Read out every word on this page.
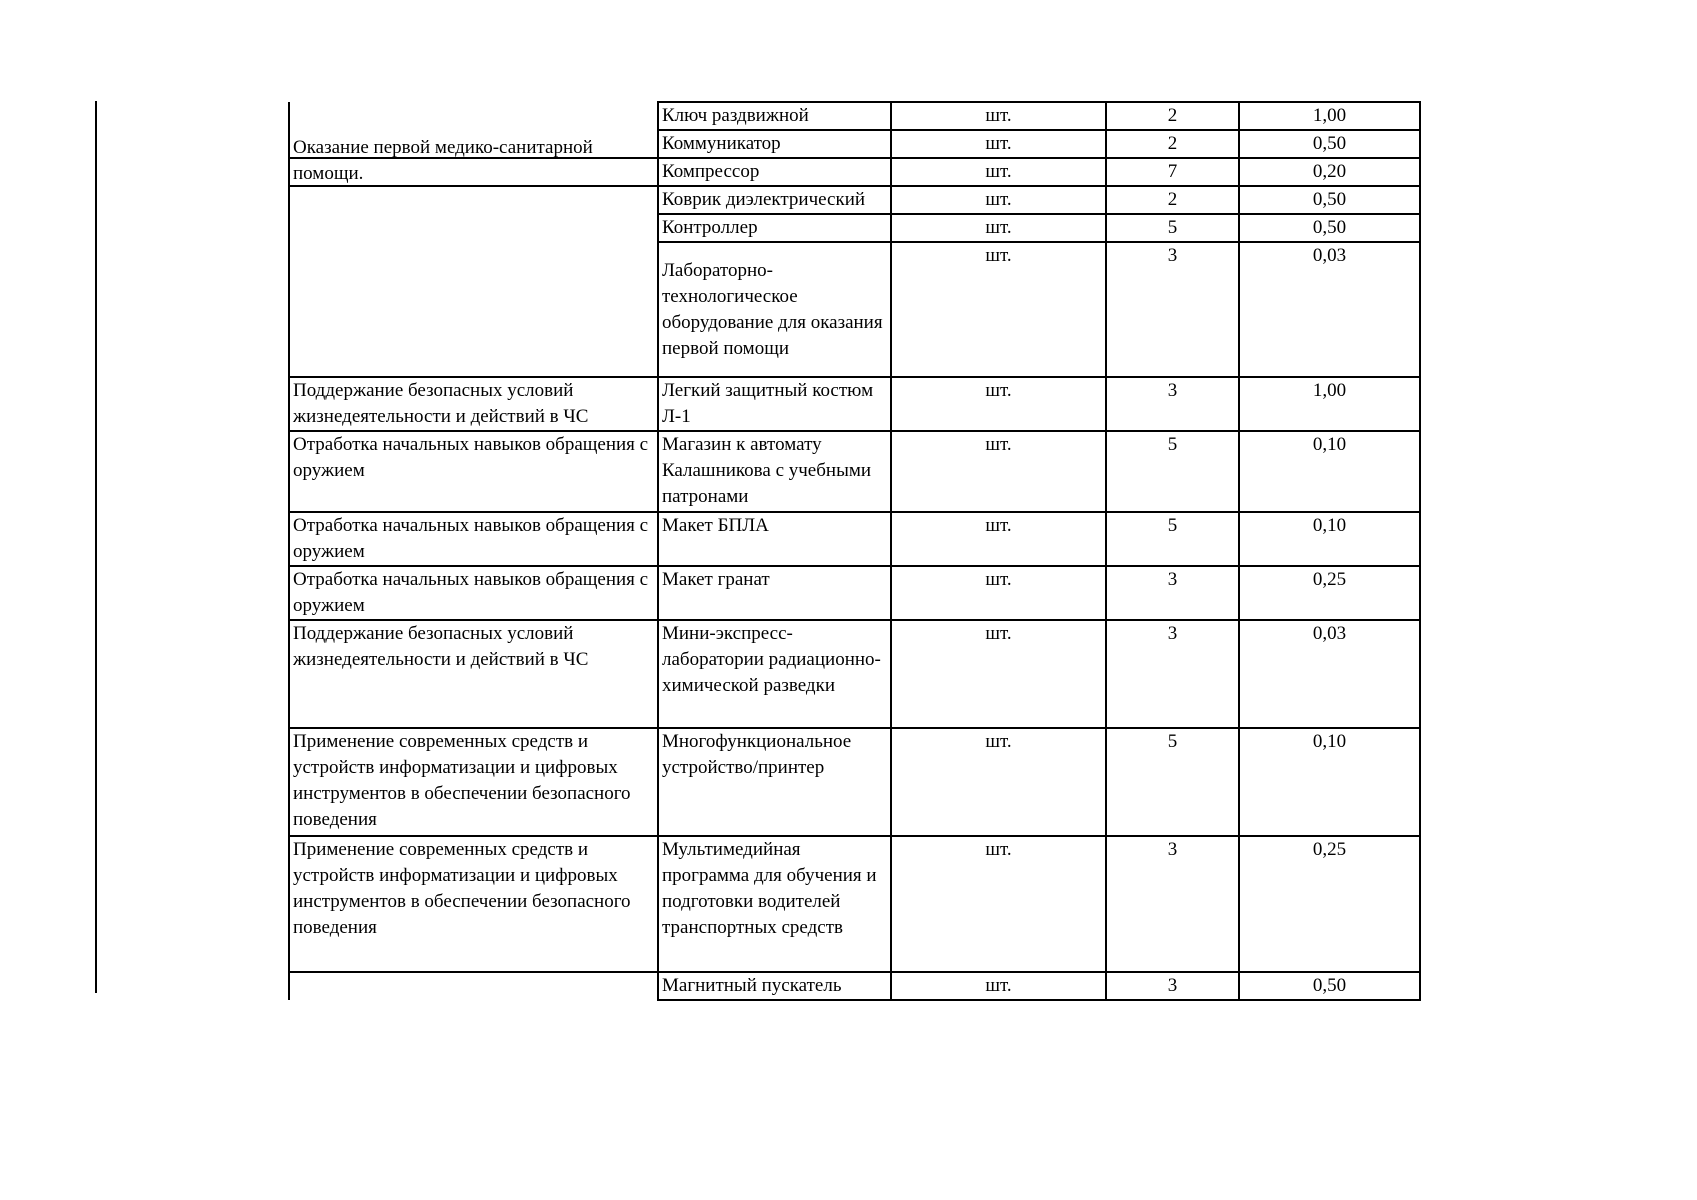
	Ключ раздвижной	шт.	2	1,00
	Коммуникатор	шт.	2	0,50
	Компрессор	шт.	7	0,20

Оказание первой медико-санитарной помощи.	Коврик диэлектрический	шт.	2	0,50
	Контроллер	шт.	5	0,50

	Лабораторно-технологическое оборудование для оказания первой помощи	шт.	3	0,03
Поддержание безопасных условий жизнедеятельности и действий в ЧС	Легкий защитный костюм Л-1	шт.	3	1,00
Отработка начальных навыков обращения с оружием	Магазин к автомату Калашникова с учебными патронами	шт.	5	0,10
Отработка начальных навыков обращения с оружием	Макет БПЛА	шт.	5	0,10
Отработка начальных навыков обращения с оружием	Макет гранат	шт.	3	0,25
Поддержание безопасных условий жизнедеятельности и действий в ЧС	Мини-экспресс-лаборатории радиационно-химической разведки	шт.	3	0,03
Применение современных средств и устройств информатизации и цифровых инструментов в обеспечении безопасного поведения	Многофункциональное устройство/принтер	шт.	5	0,10
Применение современных средств и устройств информатизации и цифровых инструментов в обеспечении безопасного поведения	Мультимедийная программа для обучения и подготовки водителей транспортных средств	шт.	3	0,25
	Магнитный пускатель	шт.	3	0,50
